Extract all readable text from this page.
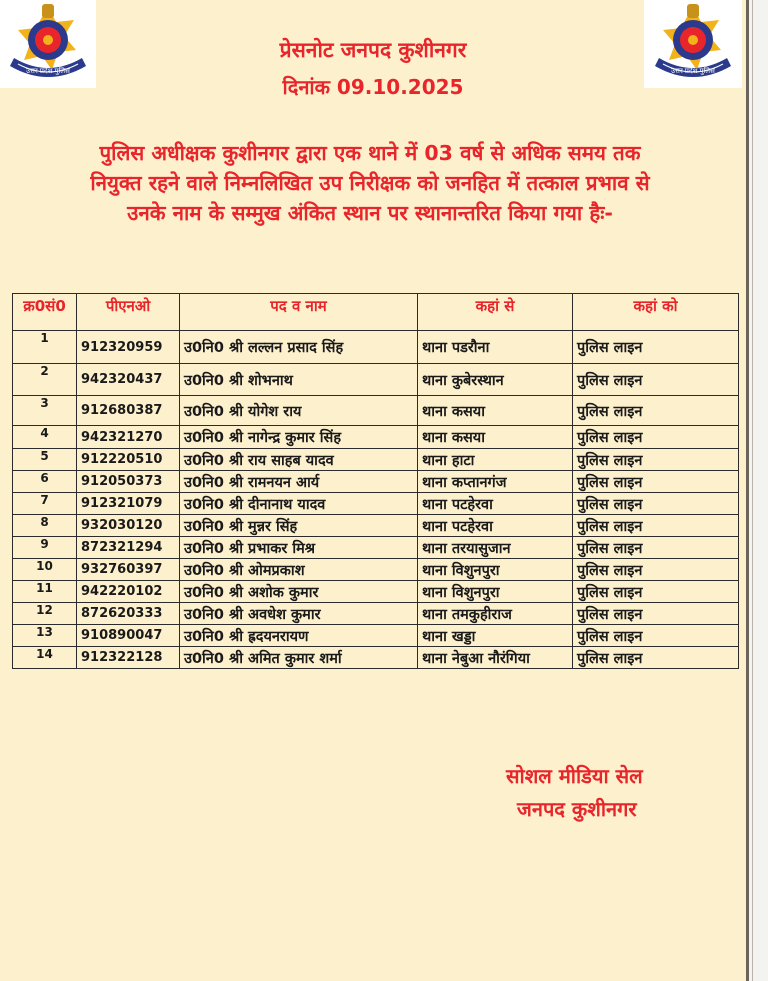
उत्तर प्रदेश पुलिस	उत्तर प्रदेश पुलिस
प्रेसनोट जनपद कुशीनगर
दिनांक 09.10.2025
पुलिस अधीक्षक कुशीनगर द्वारा एक थाने में 03 वर्ष से अधिक समय तक
नियुक्त रहने वाले निम्नलिखित उप निरीक्षक को जनहित में तत्काल प्रभाव से
उनके नाम के सम्मुख अंकित स्थान पर स्थानान्तरित किया गया हैः-
क्र0सं0	पीएनओ	पद व नाम	कहां से	कहां को
1	912320959	उ0नि0 श्री लल्लन प्रसाद सिंह	थाना पडरौना	पुलिस लाइन
2	942320437	उ0नि0 श्री शोभनाथ	थाना कुबेरस्थान	पुलिस लाइन
3	912680387	उ0नि0 श्री योगेश राय	थाना कसया	पुलिस लाइन
4	942321270	उ0नि0 श्री नागेन्द्र कुमार सिंह	थाना कसया	पुलिस लाइन
5	912220510	उ0नि0 श्री राय साहब यादव	थाना हाटा	पुलिस लाइन
6	912050373	उ0नि0 श्री रामनयन आर्य	थाना कप्तानगंज	पुलिस लाइन
7	912321079	उ0नि0 श्री दीनानाथ यादव	थाना पटहेरवा	पुलिस लाइन
8	932030120	उ0नि0 श्री मुन्नर सिंह	थाना पटहेरवा	पुलिस लाइन
9	872321294	उ0नि0 श्री प्रभाकर मिश्र	थाना तरयासुजान	पुलिस लाइन
10	932760397	उ0नि0 श्री ओमप्रकाश	थाना विशुनपुरा	पुलिस लाइन
11	942220102	उ0नि0 श्री अशोक कुमार	थाना विशुनपुरा	पुलिस लाइन
12	872620333	उ0नि0 श्री अवधेश कुमार	थाना तमकुहीराज	पुलिस लाइन
13	910890047	उ0नि0 श्री ह्रदयनरायण	थाना खड्डा	पुलिस लाइन
14	912322128	उ0नि0 श्री अमित कुमार शर्मा	थाना नेबुआ नौरंगिया	पुलिस लाइन
सोशल मीडिया सेल
जनपद कुशीनगर
